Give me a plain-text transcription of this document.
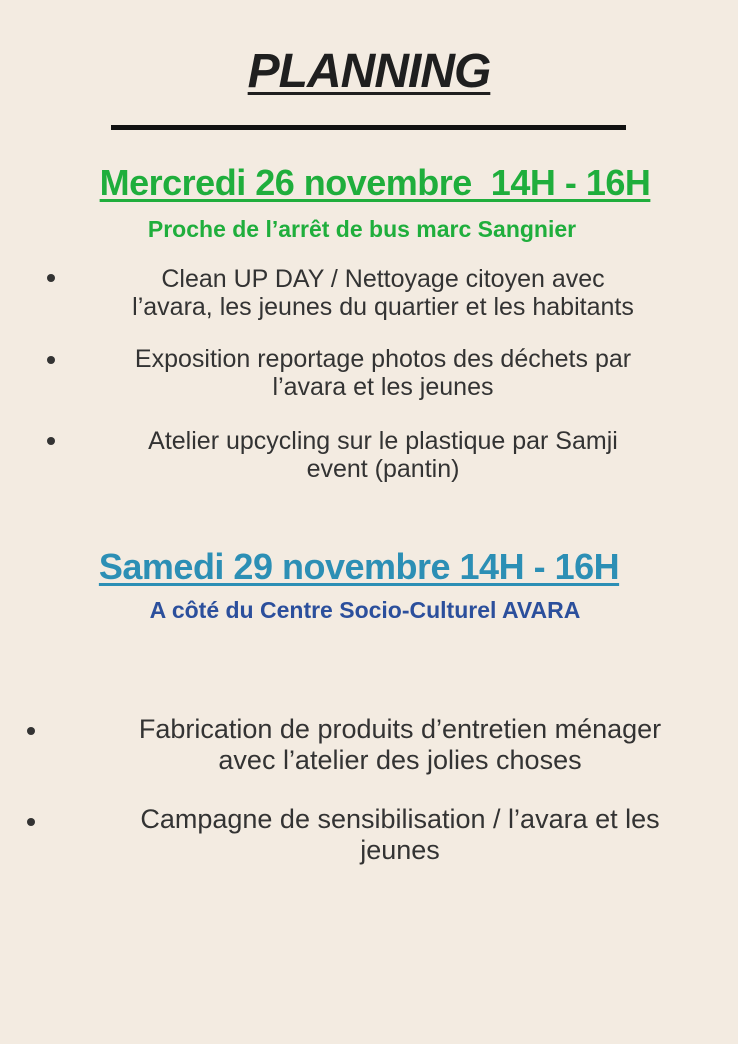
PLANNING
Mercredi 26 novembre  14H - 16H
Proche de l’arrêt de bus marc Sangnier
Clean UP DAY / Nettoyage citoyen avec
l’avara, les jeunes du quartier et les habitants
Exposition reportage photos des déchets par
l’avara et les jeunes
Atelier upcycling sur le plastique par Samji
event (pantin)
Samedi 29 novembre 14H - 16H
A côté du Centre Socio-Culturel AVARA
Fabrication de produits d’entretien ménager
avec l’atelier des jolies choses
Campagne de sensibilisation / l’avara et les
jeunes
